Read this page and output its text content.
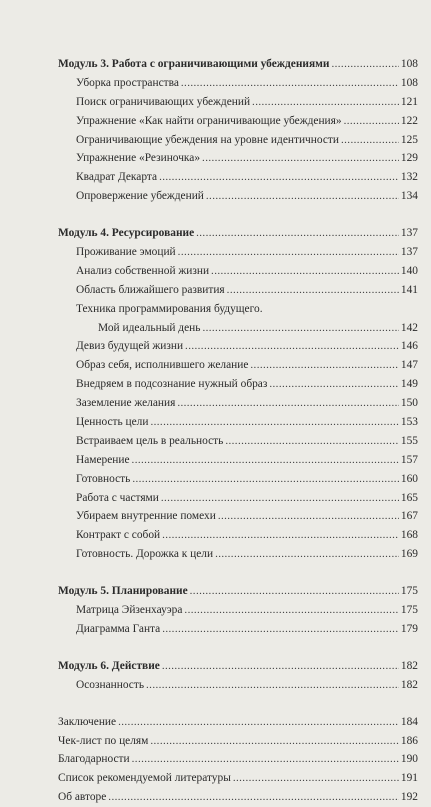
Модуль 3. Работа с ограничивающими убеждениями .....	108
Уборка пространства .....	108
Поиск ограничивающих убеждений .....	121
Упражнение «Как найти ограничивающие убеждения» .....	122
Ограничивающие убеждения на уровне идентичности .....	125
Упражнение «Резиночка» .....	129
Квадрат Декарта .....	132
Опровержение убеждений .....	134
Модуль 4. Ресурсирование .....	137
Проживание эмоций .....	137
Анализ собственной жизни .....	140
Область ближайшего развития .....	141
Техника программирования будущего.
Мой идеальный день .....	142
Девиз будущей жизни .....	146
Образ себя, исполнившего желание .....	147
Внедряем в подсознание нужный образ .....	149
Заземление желания .....	150
Ценность цели .....	153
Встраиваем цель в реальность .....	155
Намерение .....	157
Готовность .....	160
Работа с частями .....	165
Убираем внутренние помехи .....	167
Контракт с собой .....	168
Готовность. Дорожка к цели .....	169
Модуль 5. Планирование .....	175
Матрица Эйзенхауэра .....	175
Диаграмма Ганта .....	179
Модуль 6. Действие .....	182
Осознанность .....	182
Заключение .....	184
Чек-лист по целям .....	186
Благодарности .....	190
Список рекомендуемой литературы .....	191
Об авторе .....	192
